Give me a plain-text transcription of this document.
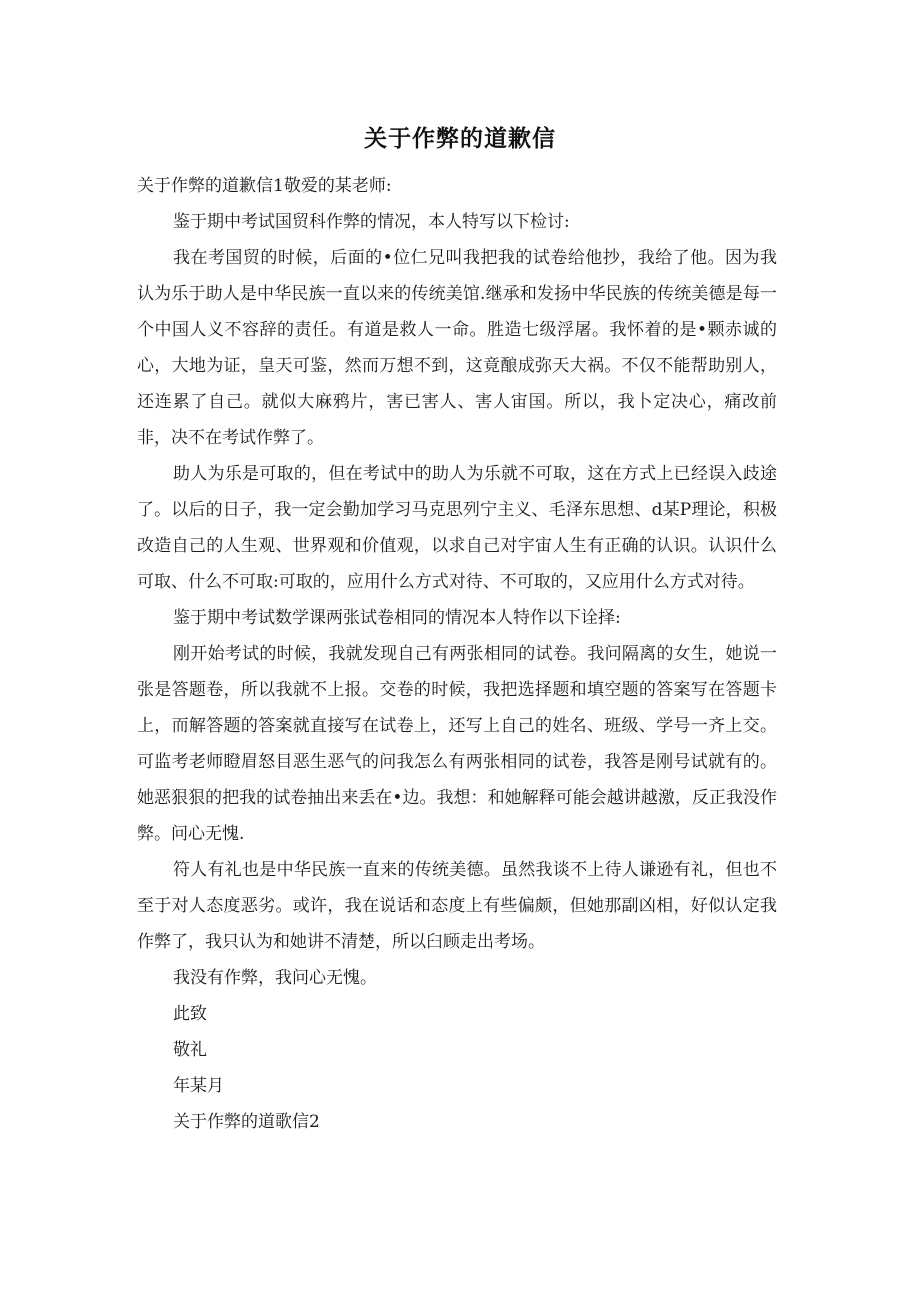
关于作弊的道歉信

关于作弊的道歉信1敬爱的某老师:

鉴于期中考试国贸科作弊的情况，本人特写以下检讨:

我在考国贸的时候，后面的•位仁兄叫我把我的试卷给他抄，我给了他。因为我认为乐于助人是中华民族一直以来的传统美馆.继承和发扬中华民族的传统美德是每一个中国人义不容辞的责任。有道是救人一命。胜造七级浮屠。我怀着的是•颗赤诚的心，大地为证，皇天可鉴，然而万想不到，这竟酿成弥天大祸。不仅不能帮助别人，还连累了自己。就似大麻鸦片，害已害人、害人宙国。所以，我卜定决心，痛改前非，决不在考试作弊了。

助人为乐是可取的，但在考试中的助人为乐就不可取，这在方式上已经误入歧途了。以后的日子，我一定会勤加学习马克思列宁主义、毛泽东思想、d某P理论，积极改造自己的人生观、世界观和价值观，以求自己对宇宙人生有正确的认识。认识什么可取、什么不可取:可取的，应用什么方式对待、不可取的，又应用什么方式对待。

鉴于期中考试数学课两张试卷相同的情况本人特作以下诠择:

刚开始考试的时候，我就发现自己有两张相同的试卷。我问隔离的女生，她说一张是答题卷，所以我就不上报。交卷的时候，我把选择题和填空题的答案写在答题卡上，而解答题的答案就直接写在试卷上，还写上自己的姓名、班级、学号一齐上交。可监考老师瞪眉怒目恶生恶气的问我怎么有两张相同的试卷，我答是刚号试就有的。她恶狠狠的把我的试卷抽出来丢在•边。我想：和她解释可能会越讲越激，反正我没作弊。问心无愧.

符人有礼也是中华民族一直来的传统美德。虽然我谈不上待人谦逊有礼，但也不至于对人态度恶劣。或许，我在说话和态度上有些偏颇，但她那副凶相，好似认定我作弊了，我只认为和她讲不清楚，所以臼顾走出考场。

我没有作弊，我问心无愧。

此致

敬礼

年某月

关于作弊的道歌信2
